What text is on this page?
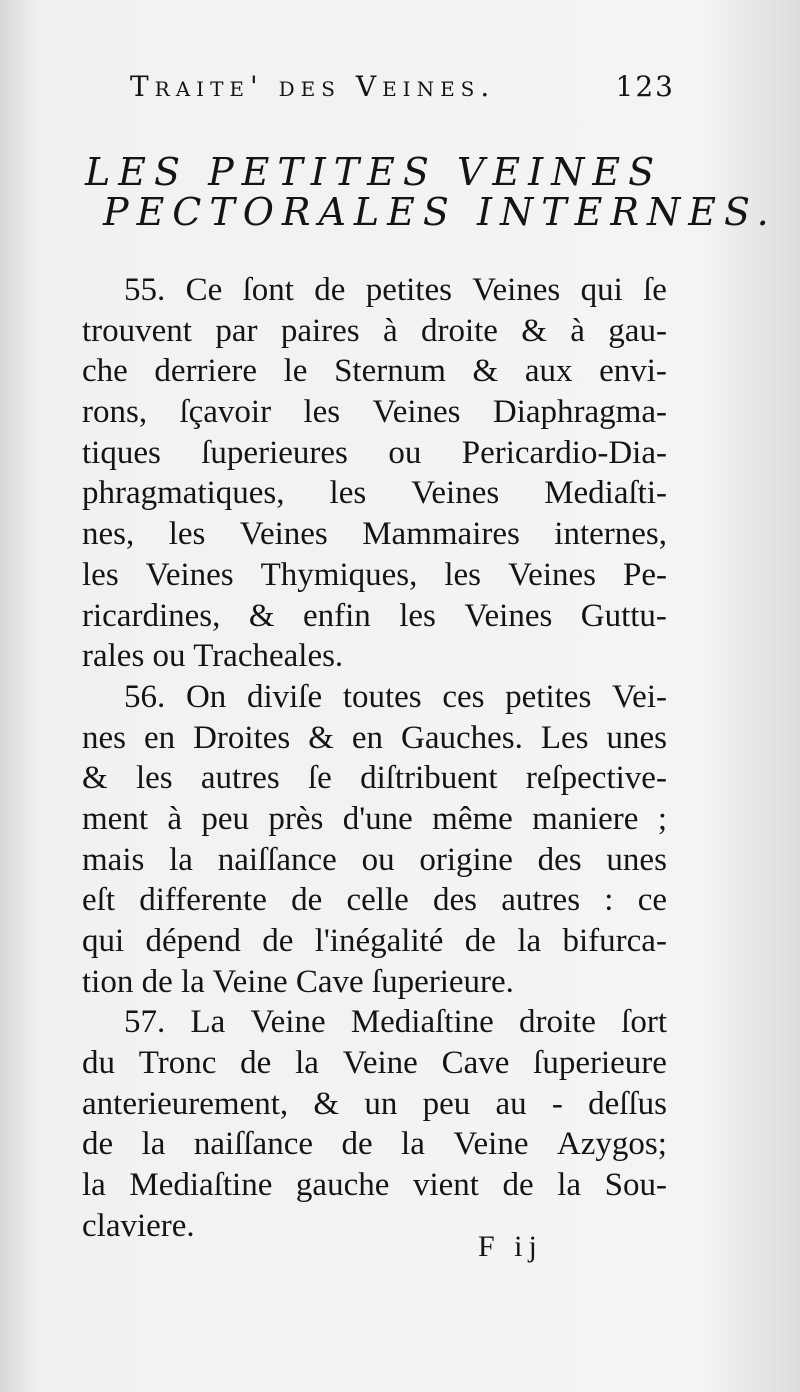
Traite' des Veines.	123
LES PETITES VEINES
PECTORALES INTERNES.
55. Ce ſont de petites Veines qui ſe
trouvent par paires à droite & à gau-
che derriere le Sternum & aux envi-
rons, ſçavoir les Veines Diaphragma-
tiques ſuperieures ou Pericardio-Dia-
phragmatiques, les Veines Mediaſti-
nes, les Veines Mammaires internes,
les Veines Thymiques, les Veines Pe-
ricardines, & enfin les Veines Guttu-
rales ou Tracheales.
56. On diviſe toutes ces petites Vei-
nes en Droites & en Gauches. Les unes
& les autres ſe diſtribuent reſpective-
ment à peu près d'une même maniere ;
mais la naiſſance ou origine des unes
eſt differente de celle des autres : ce
qui dépend de l'inégalité de la bifurca-
tion de la Veine Cave ſuperieure.
57. La Veine Mediaſtine droite ſort
du Tronc de la Veine Cave ſuperieure
anterieurement, & un peu au - deſſus
de la naiſſance de la Veine Azygos;
la Mediaſtine gauche vient de la Sou-
claviere.
F ij
